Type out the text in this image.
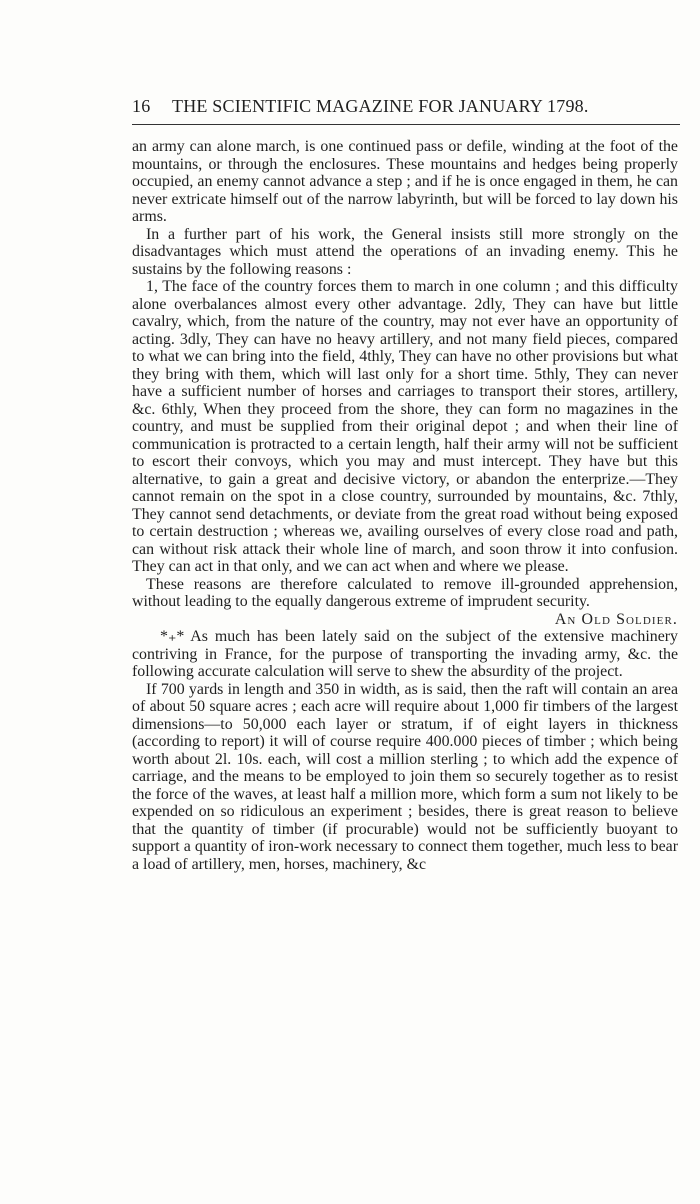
16 THE SCIENTIFIC MAGAZINE FOR JANUARY 1798.

an army can alone march, is one continued pass or defile, winding at the foot of the mountains, or through the enclosures. These mountains and hedges being properly occupied, an enemy cannot advance a step ; and if he is once engaged in them, he can never extricate himself out of the narrow labyrinth, but will be forced to lay down his arms.

In a further part of his work, the General insists still more strongly on the disadvantages which must attend the operations of an invading enemy. This he sustains by the following reasons :

1, The face of the country forces them to march in one column ; and this difficulty alone overbalances almost every other advantage. 2dly, They can have but little cavalry, which, from the nature of the country, may not ever have an opportunity of acting. 3dly, They can have no heavy artillery, and not many field pieces, compared to what we can bring into the field, 4thly, They can have no other provisions but what they bring with them, which will last only for a short time. 5thly, They can never have a sufficient number of horses and carriages to transport their stores, artillery, &c. 6thly, When they proceed from the shore, they can form no magazines in the country, and must be supplied from their original depot ; and when their line of communication is protracted to a certain length, half their army will not be sufficient to escort their convoys, which you may and must intercept. They have but this alternative, to gain a great and decisive victory, or abandon the enterprize.—They cannot remain on the spot in a close country, surrounded by mountains, &c. 7thly, They cannot send detachments, or deviate from the great road without being exposed to certain destruction ; whereas we, availing ourselves of every close road and path, can without risk attack their whole line of march, and soon throw it into confusion. They can act in that only, and we can act when and where we please.

These reasons are therefore calculated to remove ill-grounded apprehension, without leading to the equally dangerous extreme of imprudent security.

An Old Soldier.

*₊* As much has been lately said on the subject of the extensive machinery contriving in France, for the purpose of transporting the invading army, &c. the following accurate calculation will serve to shew the absurdity of the project.

If 700 yards in length and 350 in width, as is said, then the raft will contain an area of about 50 square acres ; each acre will require about 1,000 fir timbers of the largest dimensions—to 50,000 each layer or stratum, if of eight layers in thickness (according to report) it will of course require 400.000 pieces of timber ; which being worth about 2l. 10s. each, will cost a million sterling ; to which add the expence of carriage, and the means to be employed to join them so securely together as to resist the force of the waves, at least half a million more, which form a sum not likely to be expended on so ridiculous an experiment ; besides, there is great reason to believe that the quantity of timber (if procurable) would not be sufficiently buoyant to support a quantity of iron-work necessary to connect them together, much less to bear a load of artillery, men, horses, machinery, &c
